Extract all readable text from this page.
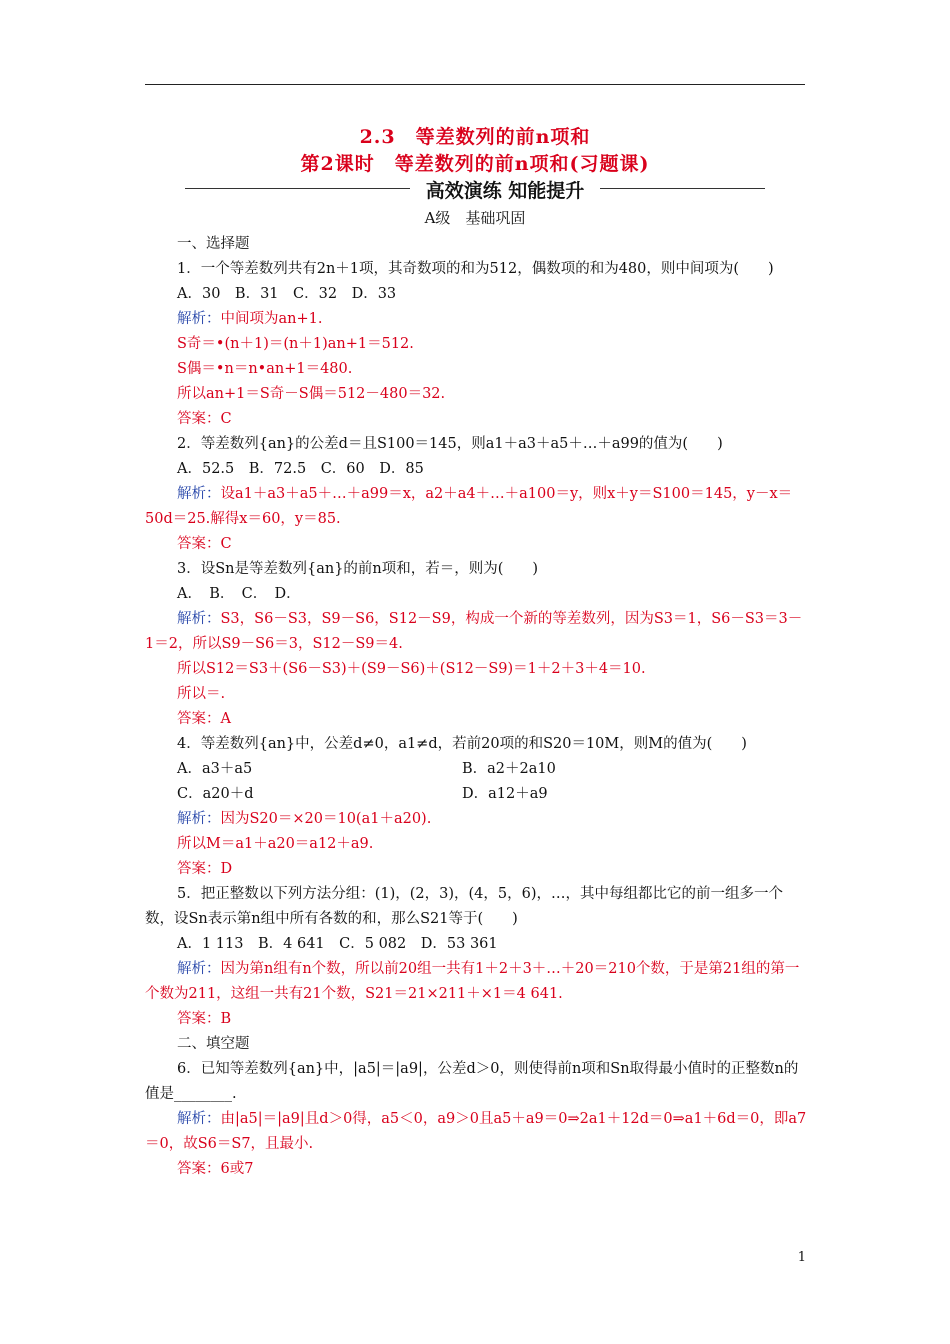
2.3　等差数列的前n项和
第2课时　等差数列的前n项和(习题课)
高效演练 知能提升
A级　基础巩固

一、选择题

1．一个等差数列共有2n＋1项，其奇数项的和为512，偶数项的和为480，则中间项为(　　)

A．30　B．31　C．32　D．33

解析：中间项为an+1.

S奇＝•(n＋1)＝(n＋1)an+1＝512.

S偶＝•n＝n•an+1＝480.

所以an+1＝S奇－S偶＝512－480＝32.

答案：C

2．等差数列{an}的公差d＝且S100＝145，则a1＋a3＋a5＋…＋a99的值为(　　)

A．52.5　B．72.5　C．60　D．85

解析：设a1＋a3＋a5＋…＋a99＝x，a2＋a4＋…＋a100＝y，则x＋y＝S100＝145，y－x＝50d＝25.解得x＝60，y＝85.

答案：C

3．设Sn是等差数列{an}的前n项和，若＝，则为(　　)

A．　B．　C．　D．

解析：S3，S6－S3，S9－S6，S12－S9，构成一个新的等差数列，因为S3＝1，S6－S3＝3－1＝2，所以S9－S6＝3，S12－S9＝4.

所以S12＝S3＋(S6－S3)＋(S9－S6)＋(S12－S9)＝1＋2＋3＋4＝10.

所以＝.

答案：A

4．等差数列{an}中，公差d≠0，a1≠d，若前20项的和S20＝10M，则M的值为(　　)

A．a3＋a5	B．a2＋2a10
C．a20＋d	D．a12＋a9

解析：因为S20＝×20＝10(a1＋a20).

所以M＝a1＋a20＝a12＋a9.

答案：D

5．把正整数以下列方法分组：(1)，(2，3)，(4，5，6)，…，其中每组都比它的前一组多一个数，设Sn表示第n组中所有各数的和，那么S21等于(　　)

A．1 113　B．4 641　C．5 082　D．53 361

解析：因为第n组有n个数，所以前20组一共有1＋2＋3＋…＋20＝210个数，于是第21组的第一个数为211，这组一共有21个数，S21＝21×211＋×1＝4 641.

答案：B

二、填空题

6．已知等差数列{an}中，|a5|＝|a9|，公差d＞0，则使得前n项和Sn取得最小值时的正整数n的值是________.

解析：由|a5|＝|a9|且d＞0得，a5＜0，a9＞0且a5＋a9＝0⇒2a1＋12d＝0⇒a1＋6d＝0，即a7＝0，故S6＝S7，且最小.

答案：6或7

1
